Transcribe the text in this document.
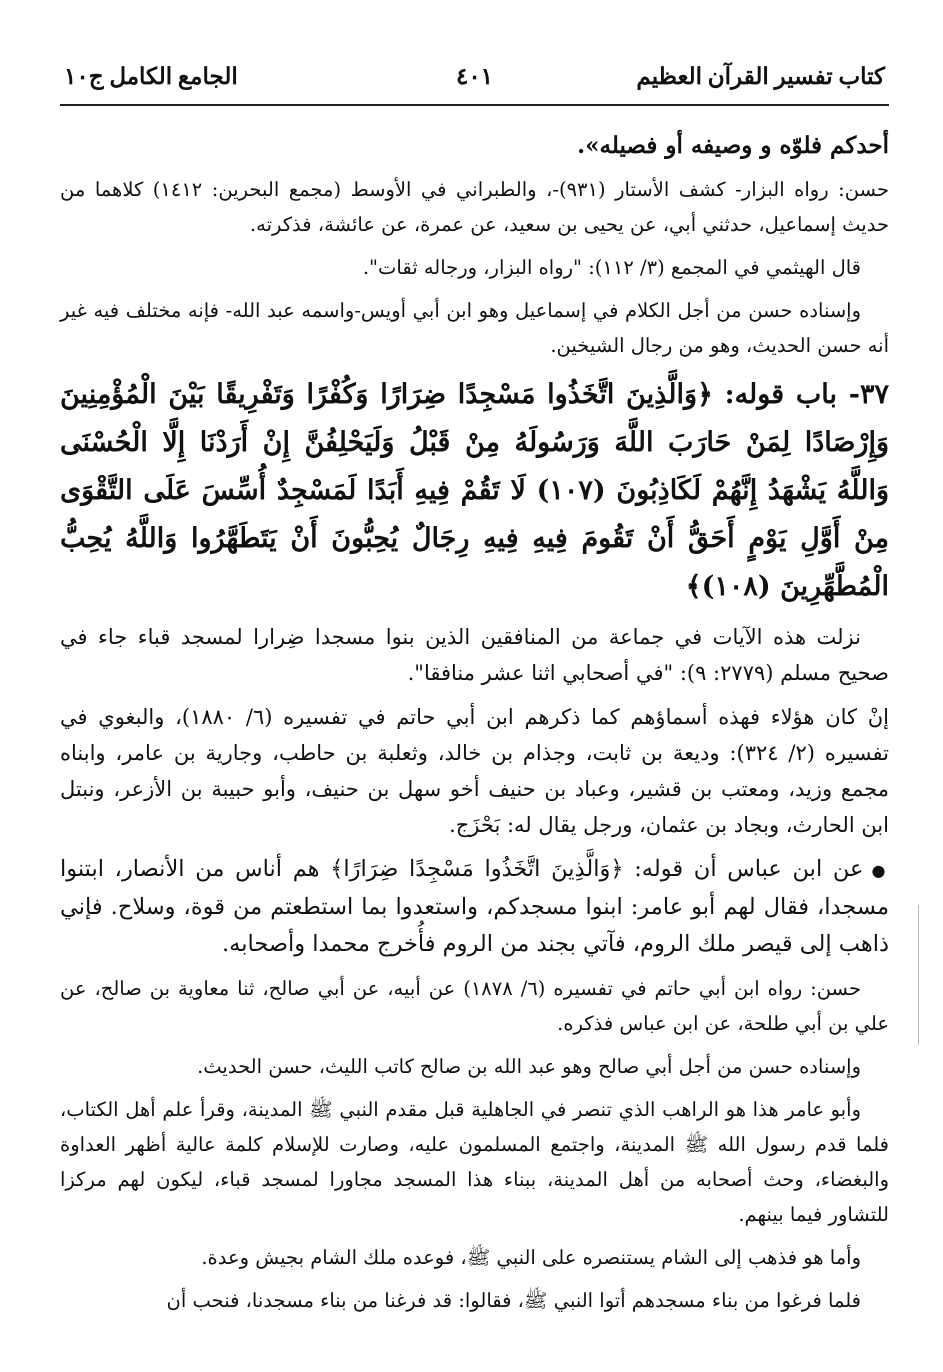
الجامع الكامل ج١٠	٤٠١	كتاب تفسير القرآن العظيم

أحدكم فلوّه و وصيفه أو فصيله».

حسن: رواه البزار- كشف الأستار (٩٣١)-، والطبراني في الأوسط (مجمع البحرين: ١٤١٢) كلاهما من حديث إسماعيل، حدثني أبي، عن يحيى بن سعيد، عن عمرة، عن عائشة، فذكرته.

قال الهيثمي في المجمع (٣/ ١١٢): "رواه البزار، ورجاله ثقات".

وإسناده حسن من أجل الكلام في إسماعيل وهو ابن أبي أويس-واسمه عبد الله- فإنه مختلف فيه غير أنه حسن الحديث، وهو من رجال الشيخين.

٣٧- باب قوله: ﴿وَالَّذِينَ اتَّخَذُوا مَسْجِدًا ضِرَارًا وَكُفْرًا وَتَفْرِيقًا بَيْنَ الْمُؤْمِنِينَ وَإِرْصَادًا لِمَنْ حَارَبَ اللَّهَ وَرَسُولَهُ مِنْ قَبْلُ وَلَيَحْلِفُنَّ إِنْ أَرَدْنَا إِلَّا الْحُسْنَى وَاللَّهُ يَشْهَدُ إِنَّهُمْ لَكَاذِبُونَ (١٠٧) لَا تَقُمْ فِيهِ أَبَدًا لَمَسْجِدٌ أُسِّسَ عَلَى التَّقْوَى مِنْ أَوَّلِ يَوْمٍ أَحَقُّ أَنْ تَقُومَ فِيهِ فِيهِ رِجَالٌ يُحِبُّونَ أَنْ يَتَطَهَّرُوا وَاللَّهُ يُحِبُّ الْمُطَّهِّرِينَ (١٠٨)﴾

نزلت هذه الآيات في جماعة من المنافقين الذين بنوا مسجدا ضِرارا لمسجد قباء جاء في صحيح مسلم (٢٧٧٩: ٩): "في أصحابي اثنا عشر منافقا".

إنْ كان هؤلاء فهذه أسماؤهم كما ذكرهم ابن أبي حاتم في تفسيره (٦/ ١٨٨٠)، والبغوي في تفسيره (٢/ ٣٢٤): وديعة بن ثابت، وجذام بن خالد، وثعلبة بن حاطب، وجارية بن عامر، وابناه مجمع وزيد، ومعتب بن قشير، وعباد بن حنيف أخو سهل بن حنيف، وأبو حبيبة بن الأزعر، ونبتل ابن الحارث، وبجاد بن عثمان، ورجل يقال له: بَحْزَج.

● عن ابن عباس أن قوله: ﴿وَالَّذِينَ اتَّخَذُوا مَسْجِدًا ضِرَارًا﴾ هم أناس من الأنصار، ابتنوا مسجدا، فقال لهم أبو عامر: ابنوا مسجدكم، واستعدوا بما استطعتم من قوة، وسلاح. فإني ذاهب إلى قيصر ملك الروم، فآتي بجند من الروم فأُخرج محمدا وأصحابه.

حسن: رواه ابن أبي حاتم في تفسيره (٦/ ١٨٧٨) عن أبيه، عن أبي صالح، ثنا معاوية بن صالح، عن علي بن أبي طلحة، عن ابن عباس فذكره.

وإسناده حسن من أجل أبي صالح وهو عبد الله بن صالح كاتب الليث، حسن الحديث.

وأبو عامر هذا هو الراهب الذي تنصر في الجاهلية قبل مقدم النبي ﷺ المدينة، وقرأ علم أهل الكتاب، فلما قدم رسول الله ﷺ المدينة، واجتمع المسلمون عليه، وصارت للإسلام كلمة عالية أظهر العداوة والبغضاء، وحث أصحابه من أهل المدينة، ببناء هذا المسجد مجاورا لمسجد قباء، ليكون لهم مركزا للتشاور فيما بينهم.

وأما هو فذهب إلى الشام يستنصره على النبي ﷺ، فوعده ملك الشام بجيش وعدة.

فلما فرغوا من بناء مسجدهم أتوا النبي ﷺ، فقالوا: قد فرغنا من بناء مسجدنا، فنحب أن
